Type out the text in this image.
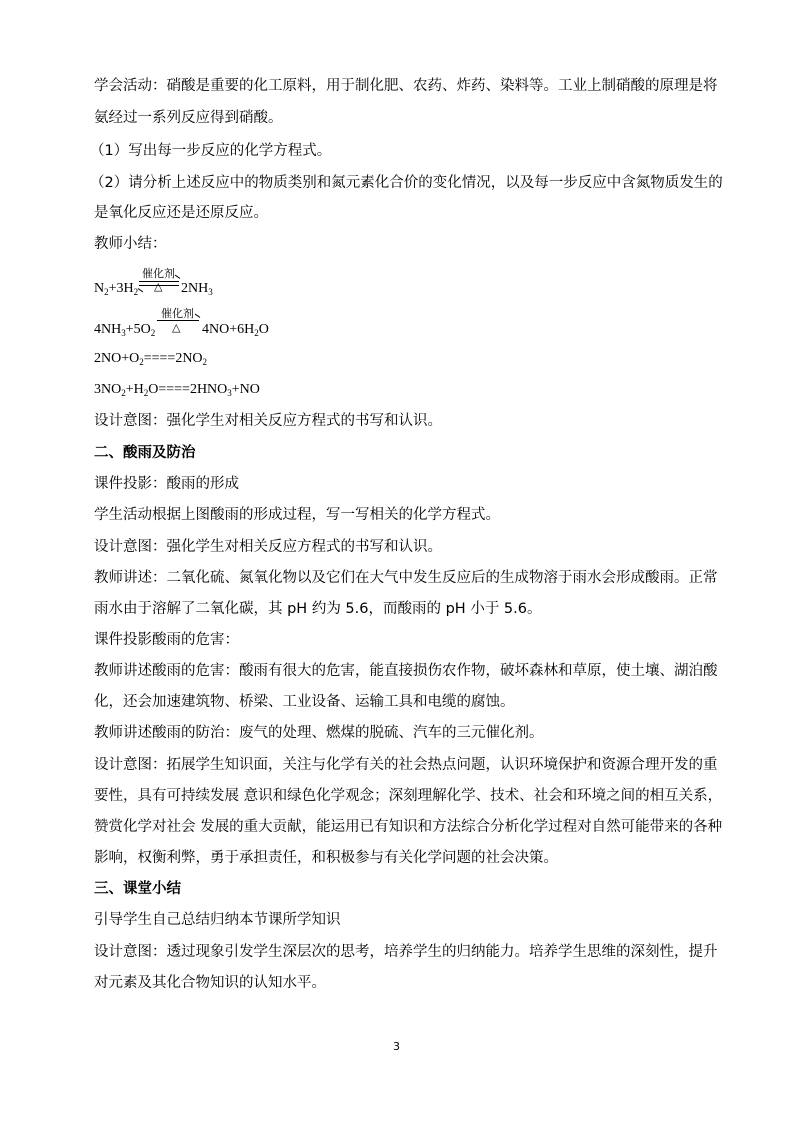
学会活动：硝酸是重要的化工原料，用于制化肥、农药、炸药、染料等。工业上制硝酸的原理是将
氨经过一系列反应得到硝酸。
（1）写出每一步反应的化学方程式。
（2）请分析上述反应中的物质类别和氮元素化合价的变化情况，以及每一步反应中含氮物质发生的
是氧化反应还是还原反应。
教师小结：
$N_2+3H_2$
催化剂
△ $2NH_3$
$4NH_3+5O_2$
催化剂
△ $4NO+6H_2O$
$2NO+O_2====2NO_2$
$3NO_2+H_2O====2HNO_3+NO$
设计意图：强化学生对相关反应方程式的书写和认识。
二、酸雨及防治
课件投影：酸雨的形成
学生活动根据上图酸雨的形成过程，写一写相关的化学方程式。
设计意图：强化学生对相关反应方程式的书写和认识。
教师讲述：二氧化硫、氮氧化物以及它们在大气中发生反应后的生成物溶于雨水会形成酸雨。正常
雨水由于溶解了二氧化碳，其 pH 约为 5.6，而酸雨的 pH 小于 5.6。
课件投影酸雨的危害：
教师讲述酸雨的危害：酸雨有很大的危害，能直接损伤农作物，破坏森林和草原，使土壤、湖泊酸
化，还会加速建筑物、桥梁、工业设备、运输工具和电缆的腐蚀。
教师讲述酸雨的防治：废气的处理、燃煤的脱硫、汽车的三元催化剂。
设计意图：拓展学生知识面，关注与化学有关的社会热点问题，认识环境保护和资源合理开发的重
要性，具有可持续发展 意识和绿色化学观念；深刻理解化学、技术、社会和环境之间的相互关系，
赞赏化学对社会 发展的重大贡献，能运用已有知识和方法综合分析化学过程对自然可能带来的各种
影响，权衡利弊，勇于承担责任，和积极参与有关化学问题的社会决策。
三、课堂小结
引导学生自己总结归纳本节课所学知识
设计意图：透过现象引发学生深层次的思考，培养学生的归纳能力。培养学生思维的深刻性，提升
对元素及其化合物知识的认知水平。
3
